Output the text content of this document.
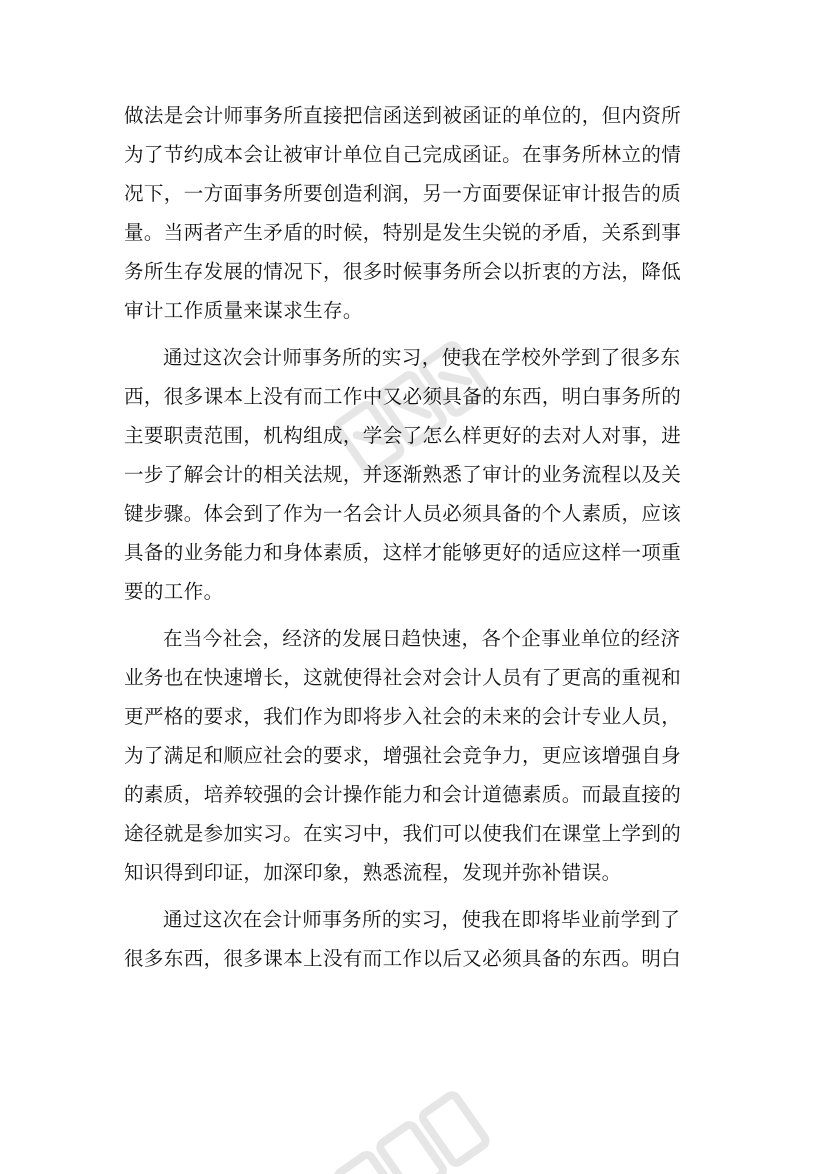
做法是会计师事务所直接把信函送到被函证的单位的，但内资所
为了节约成本会让被审计单位自己完成函证。在事务所林立的情
况下，一方面事务所要创造利润，另一方面要保证审计报告的质
量。当两者产生矛盾的时候，特别是发生尖锐的矛盾，关系到事
务所生存发展的情况下，很多时候事务所会以折衷的方法，降低
审计工作质量来谋求生存。

通过这次会计师事务所的实习，使我在学校外学到了很多东
西，很多课本上没有而工作中又必须具备的东西，明白事务所的
主要职责范围，机构组成，学会了怎么样更好的去对人对事，进
一步了解会计的相关法规，并逐渐熟悉了审计的业务流程以及关
键步骤。体会到了作为一名会计人员必须具备的个人素质，应该
具备的业务能力和身体素质，这样才能够更好的适应这样一项重
要的工作。

在当今社会，经济的发展日趋快速，各个企事业单位的经济
业务也在快速增长，这就使得社会对会计人员有了更高的重视和
更严格的要求，我们作为即将步入社会的未来的会计专业人员，
为了满足和顺应社会的要求，增强社会竞争力，更应该增强自身
的素质，培养较强的会计操作能力和会计道德素质。而最直接的
途径就是参加实习。在实习中，我们可以使我们在课堂上学到的
知识得到印证，加深印象，熟悉流程，发现并弥补错误。

通过这次在会计师事务所的实习，使我在即将毕业前学到了
很多东西，很多课本上没有而工作以后又必须具备的东西。明白
